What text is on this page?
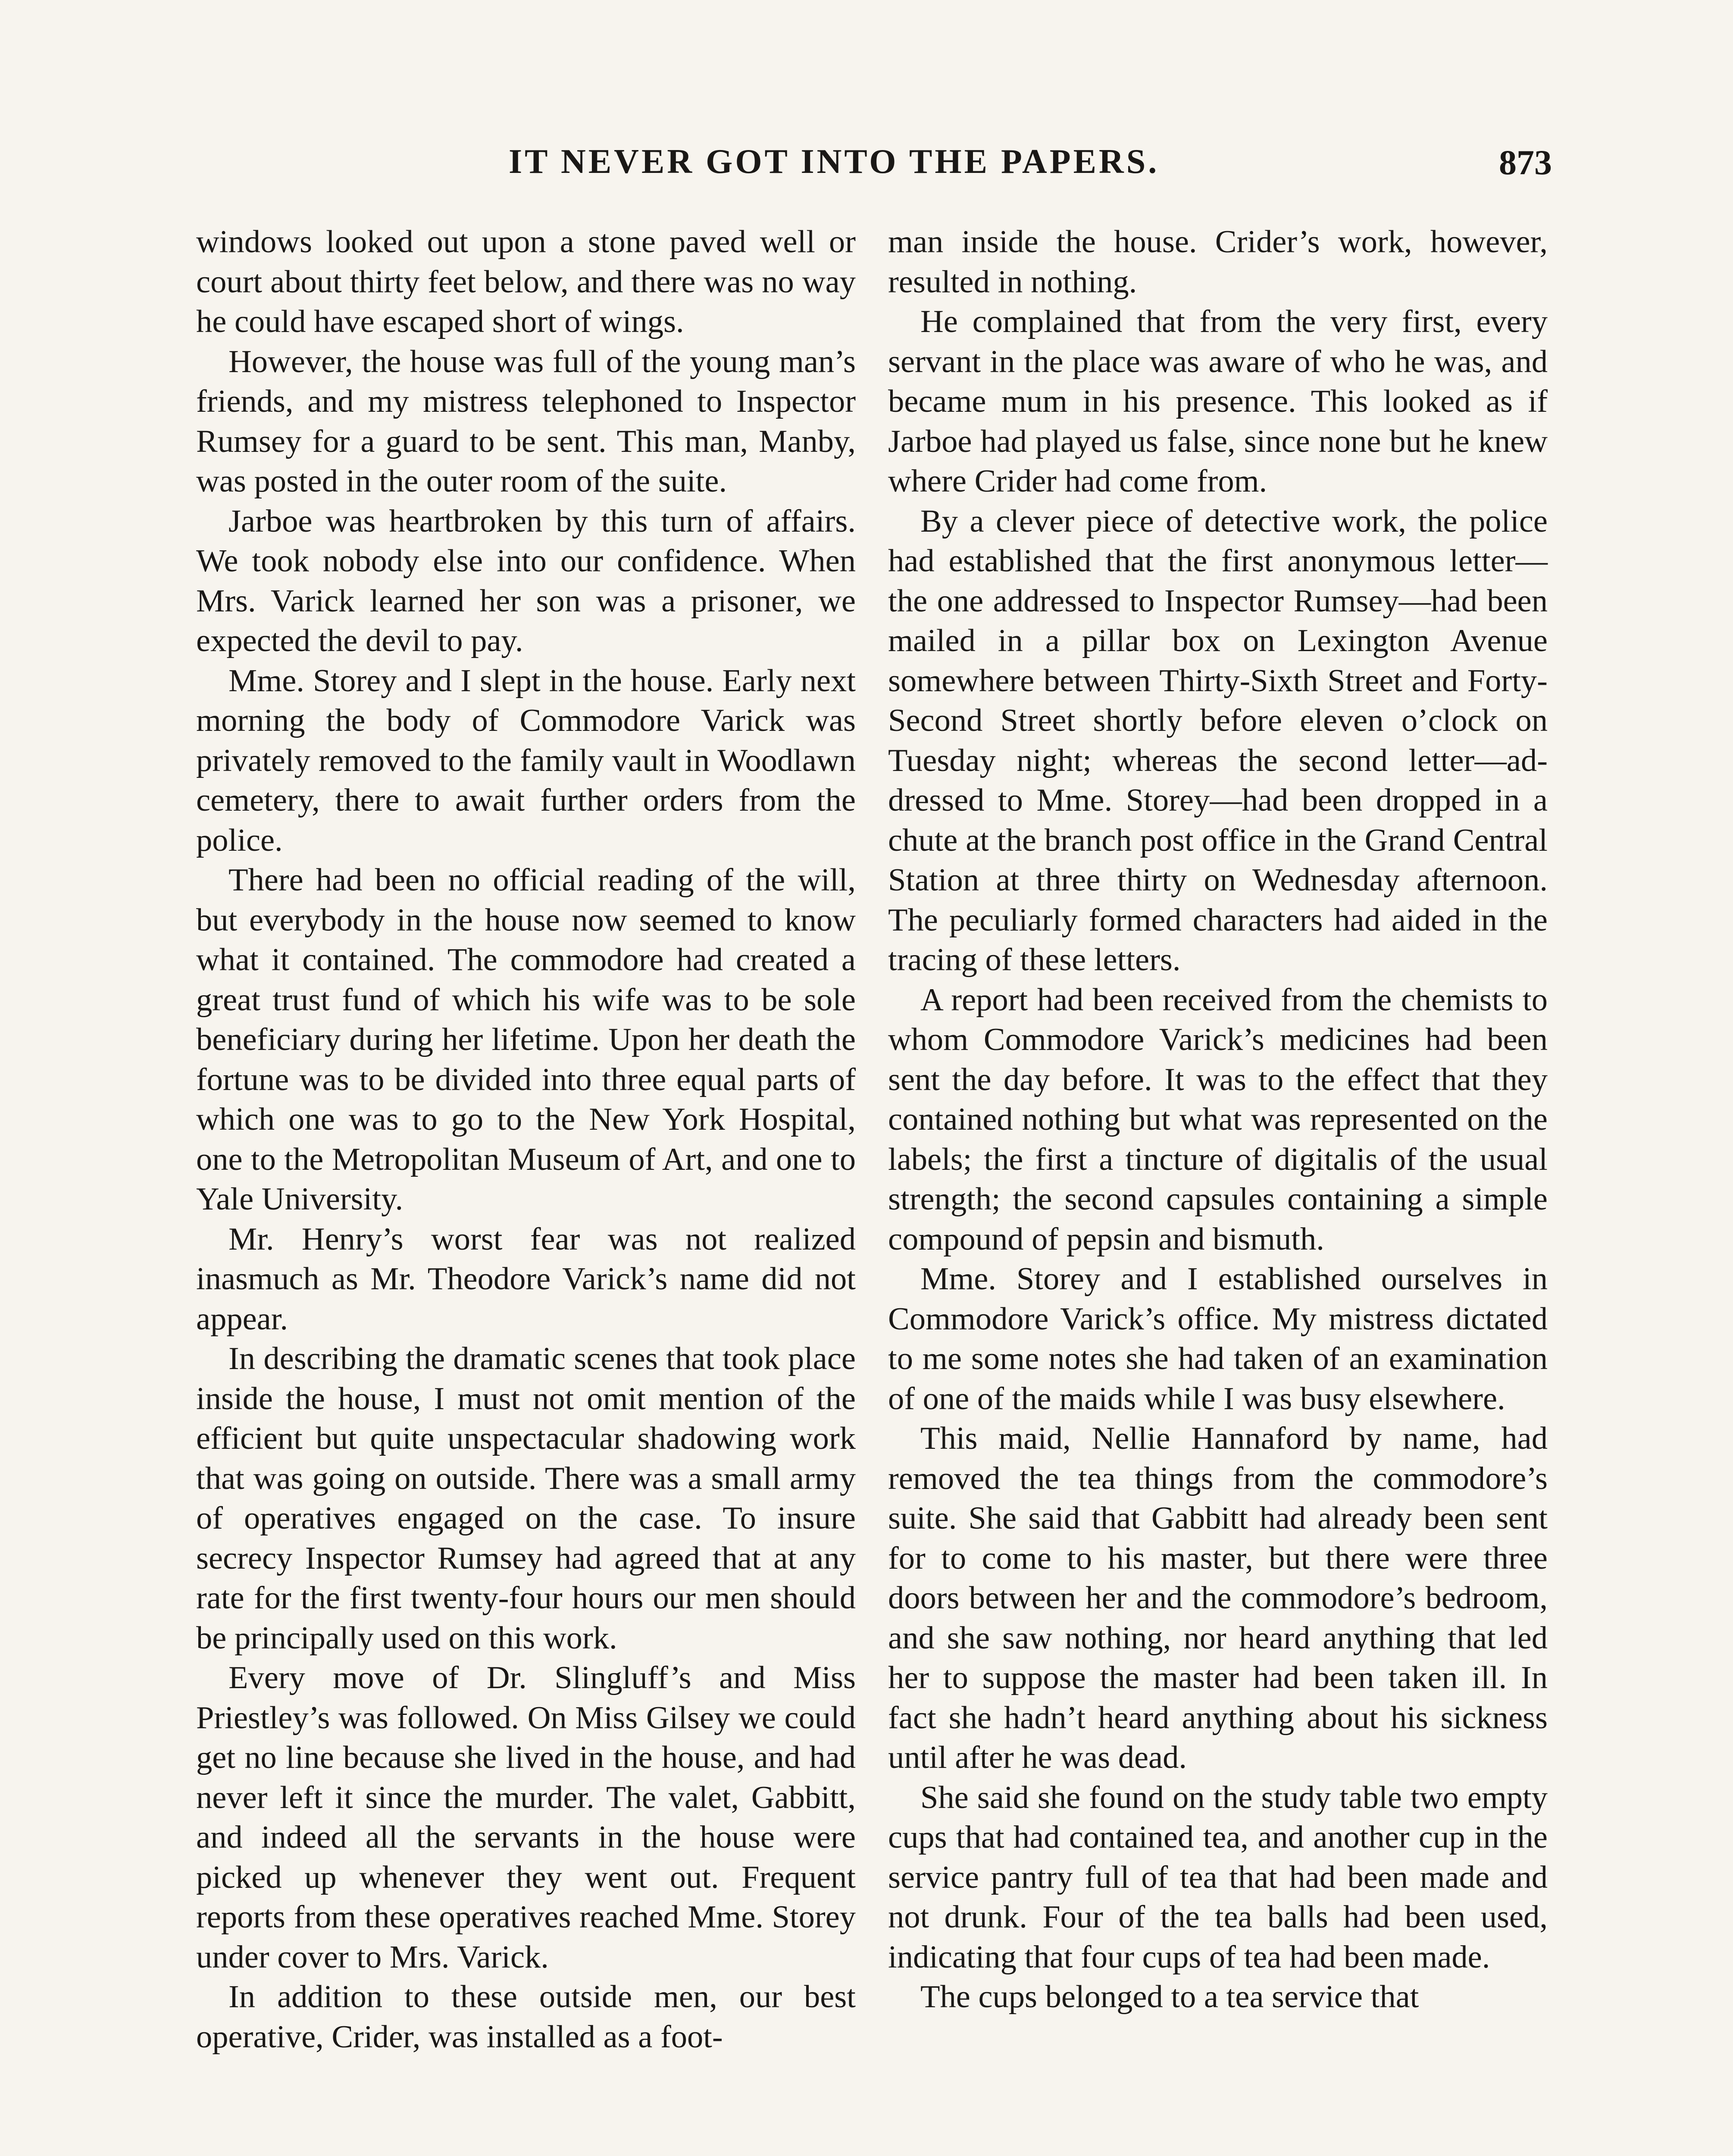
IT NEVER GOT INTO THE PAPERS.	873

windows looked out upon a stone paved well or court about thirty feet below, and there was no way he could have escaped short of wings.

However, the house was full of the young man’s friends, and my mistress telephoned to Inspector Rumsey for a guard to be sent. This man, Manby, was posted in the outer room of the suite.

Jarboe was heartbroken by this turn of affairs. We took nobody else into our confidence. When Mrs. Varick learned her son was a prisoner, we expected the devil to pay.

Mme. Storey and I slept in the house. Early next morning the body of Commodore Varick was privately removed to the family vault in Woodlawn cemetery, there to await further orders from the police.

There had been no official reading of the will, but everybody in the house now seemed to know what it contained. The commodore had created a great trust fund of which his wife was to be sole beneficiary during her lifetime. Upon her death the fortune was to be divided into three equal parts of which one was to go to the New York Hospital, one to the Metropolitan Museum of Art, and one to Yale University.

Mr. Henry’s worst fear was not realized inasmuch as Mr. Theodore Varick’s name did not appear.

In describing the dramatic scenes that took place inside the house, I must not omit mention of the efficient but quite unspectacular shadowing work that was going on outside. There was a small army of operatives engaged on the case. To insure secrecy Inspector Rumsey had agreed that at any rate for the first twenty-four hours our men should be principally used on this work.

Every move of Dr. Slingluff’s and Miss Priestley’s was followed. On Miss Gilsey we could get no line because she lived in the house, and had never left it since the murder. The valet, Gabbitt, and indeed all the servants in the house were picked up whenever they went out. Frequent reports from these operatives reached Mme. Storey under cover to Mrs. Varick.

In addition to these outside men, our best operative, Crider, was installed as a foot-

man inside the house. Crider’s work, however, resulted in nothing.

He complained that from the very first, every servant in the place was aware of who he was, and became mum in his presence. This looked as if Jarboe had played us false, since none but he knew where Crider had come from.

By a clever piece of detective work, the police had established that the first anonymous letter—the one addressed to Inspector Rumsey—had been mailed in a pillar box on Lexington Avenue somewhere between Thirty-Sixth Street and Forty-Second Street shortly before eleven o’clock on Tuesday night; whereas the second letter—addressed to Mme. Storey—had been dropped in a chute at the branch post office in the Grand Central Station at three thirty on Wednesday afternoon. The peculiarly formed characters had aided in the tracing of these letters.

A report had been received from the chemists to whom Commodore Varick’s medicines had been sent the day before. It was to the effect that they contained nothing but what was represented on the labels; the first a tincture of digitalis of the usual strength; the second capsules containing a simple compound of pepsin and bismuth.

Mme. Storey and I established ourselves in Commodore Varick’s office. My mistress dictated to me some notes she had taken of an examination of one of the maids while I was busy elsewhere.

This maid, Nellie Hannaford by name, had removed the tea things from the commodore’s suite. She said that Gabbitt had already been sent for to come to his master, but there were three doors between her and the commodore’s bedroom, and she saw nothing, nor heard anything that led her to suppose the master had been taken ill. In fact she hadn’t heard anything about his sickness until after he was dead.

She said she found on the study table two empty cups that had contained tea, and another cup in the service pantry full of tea that had been made and not drunk. Four of the tea balls had been used, indicating that four cups of tea had been made.

The cups belonged to a tea service that
